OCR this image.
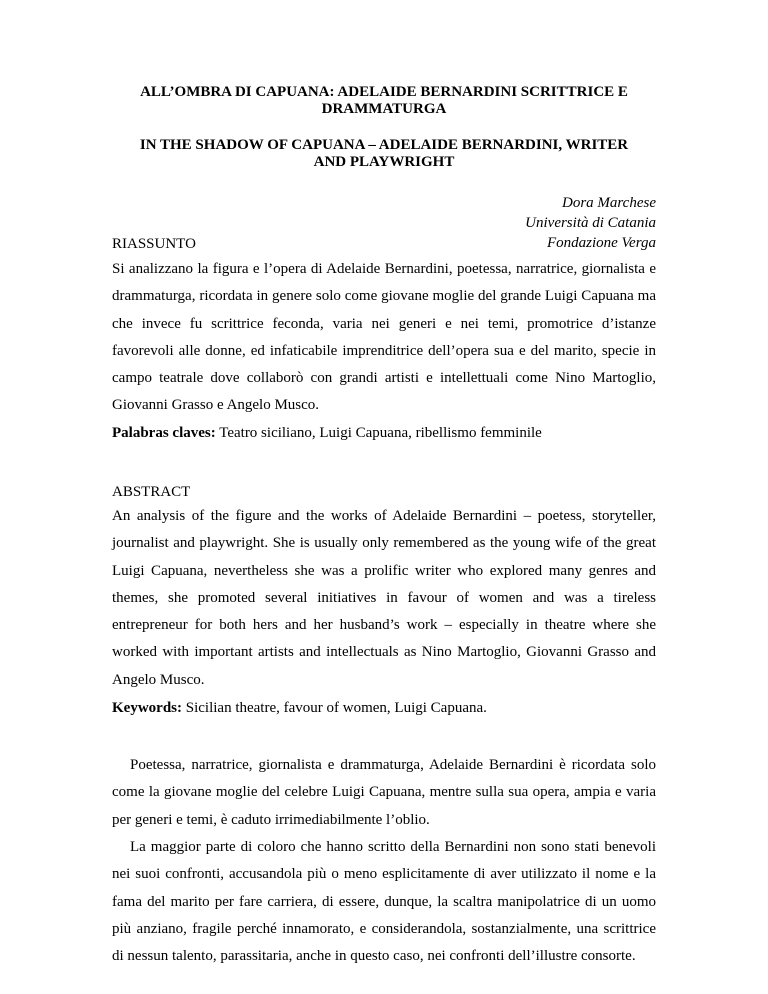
ALL’OMBRA DI CAPUANA: ADELAIDE BERNARDINI SCRITTRICE E DRAMMATURGA
IN THE SHADOW OF CAPUANA – ADELAIDE BERNARDINI, WRITER AND PLAYWRIGHT
Dora Marchese
Università di Catania
Fondazione Verga

RIASSUNTO

Si analizzano la figura e l’opera di Adelaide Bernardini, poetessa, narratrice, giornalista e drammaturga, ricordata in genere solo come giovane moglie del grande Luigi Capuana ma che invece fu scrittrice feconda, varia nei generi e nei temi, promotrice d’istanze favorevoli alle donne, ed infaticabile imprenditrice dell’opera sua e del marito, specie in campo teatrale dove collaborò con grandi artisti e intellettuali come Nino Martoglio, Giovanni Grasso e Angelo Musco.

Palabras claves: Teatro siciliano, Luigi Capuana, ribellismo femminile

ABSTRACT

An analysis of the figure and the works of Adelaide Bernardini – poetess, storyteller, journalist and playwright. She is usually only remembered as the young wife of the great Luigi Capuana, nevertheless she was a prolific writer who explored many genres and themes, she promoted several initiatives in favour of women and was a tireless entrepreneur for both hers and her husband’s work – especially in theatre where she worked with important artists and intellectuals as Nino Martoglio, Giovanni Grasso and Angelo Musco.

Keywords: Sicilian theatre, favour of women, Luigi Capuana.

Poetessa, narratrice, giornalista e drammaturga, Adelaide Bernardini è ricordata solo come la giovane moglie del celebre Luigi Capuana, mentre sulla sua opera, ampia e varia per generi e temi, è caduto irrimediabilmente l’oblio.

La maggior parte di coloro che hanno scritto della Bernardini non sono stati benevoli nei suoi confronti, accusandola più o meno esplicitamente di aver utilizzato il nome e la fama del marito per fare carriera, di essere, dunque, la scaltra manipolatrice di un uomo più anziano, fragile perché innamorato, e considerandola, sostanzialmente, una scrittrice di nessun talento, parassitaria, anche in questo caso, nei confronti dell’illustre consorte.
